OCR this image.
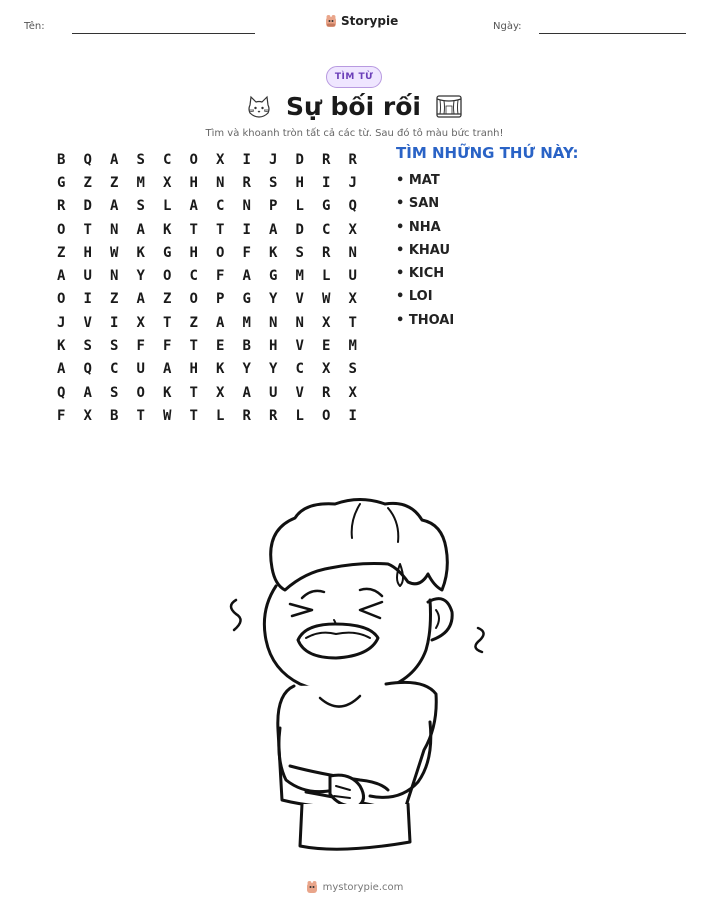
Tên:	Storypie	Ngày:
TÌM TỪ
Sự bối rối
Tìm và khoanh tròn tất cả các từ. Sau đó tô màu bức tranh!
B	Q	A	S	C	O	X	I	J	D	R	R
G	Z	Z	M	X	H	N	R	S	H	I	J
R	D	A	S	L	A	C	N	P	L	G	Q
O	T	N	A	K	T	T	I	A	D	C	X
Z	H	W	K	G	H	O	F	K	S	R	N
A	U	N	Y	O	C	F	A	G	M	L	U
O	I	Z	A	Z	O	P	G	Y	V	W	X
J	V	I	X	T	Z	A	M	N	N	X	T
K	S	S	F	F	T	E	B	H	V	E	M
A	Q	C	U	A	H	K	Y	Y	C	X	S
Q	A	S	O	K	T	X	A	U	V	R	X
F	X	B	T	W	T	L	R	R	L	O	I
TÌM NHỮNG THỨ NÀY:
• MAT
• SAN
• NHA
• KHAU
• KICH
• LOI
• THOAI
mystorypie.com
